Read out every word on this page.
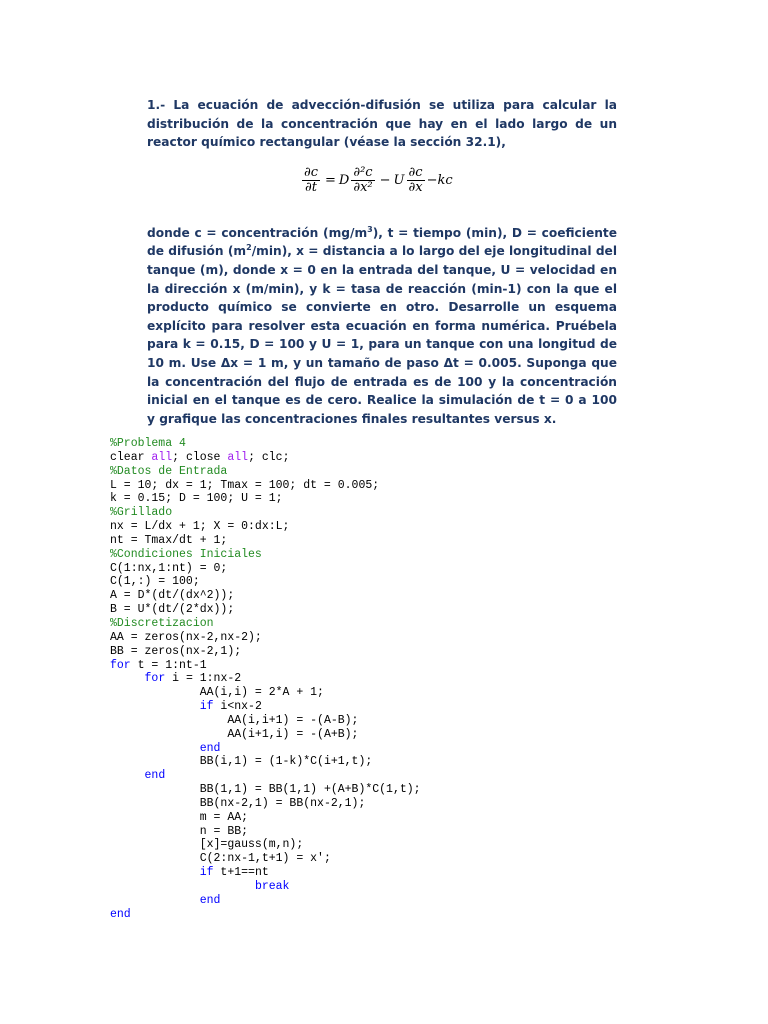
1.- La ecuación de advección-difusión se utiliza para calcular la distribución de la concentración que hay en el lado largo de un reactor químico rectangular (véase la sección 32.1),

donde c = concentración $(mg/m^3)$, t = tiempo (min), D = coeficiente de difusión $(m^2/\min)$, x = distancia a lo largo del eje longitudinal del tanque (m), donde x = 0 en la entrada del tanque, U = velocidad en la dirección x (m/min), y k = tasa de reacción (min-1) con la que el producto químico se convierte en otro. Desarrolle un esquema explícito para resolver esta ecuación en forma numérica. Pruébela para k = 0.15, D = 100 y U = 1, para un tanque con una longitud de 10 m. Use Δx = 1 m, y un tamaño de paso Δt = 0.005. Suponga que la concentración del flujo de entrada es de 100 y la concentración inicial en el tanque es de cero. Realice la simulación de t = 0 a 100 y grafique las concentraciones finales resultantes versus x.

$\frac{\partial c}{\partial t} = D \frac{\text{∂²c}}{\text{∂x²}} - U \frac{\partial c}{\partial x} -kc$
%Problema 4
clear all; close all; clc;
%Datos de Entrada
L = 10; dx = 1; Tmax = 100; dt = 0.005;
k = 0.15; D = 100; U = 1;
%Grillado
nx = L/dx + 1; X = 0:dx:L;
nt = Tmax/dt + 1;
%Condiciones Iniciales
C(1:nx,1:nt) = 0;
C(1,:) = 100;
A = D*(dt/(dx^2));
B = U*(dt/(2*dx));
%Discretizacion
AA = zeros(nx-2,nx-2);
BB = zeros(nx-2,1);
for t = 1:nt-1
for i = 1:nx-2
AA(i,i) = 2*A + 1;
if i<nx-2
AA(i,i+1) = -(A-B);
AA(i+1,i) = -(A+B);
end
BB(i,1) = (1-k)*C(i+1,t);
end
BB(1,1) = BB(1,1) +(A+B)*C(1,t);
BB(nx-2,1) = BB(nx-2,1);
m = AA;
n = BB;
[x]=gauss(m,n);
C(2:nx-1,t+1) = x';
if t+1==nt
break
end
end
